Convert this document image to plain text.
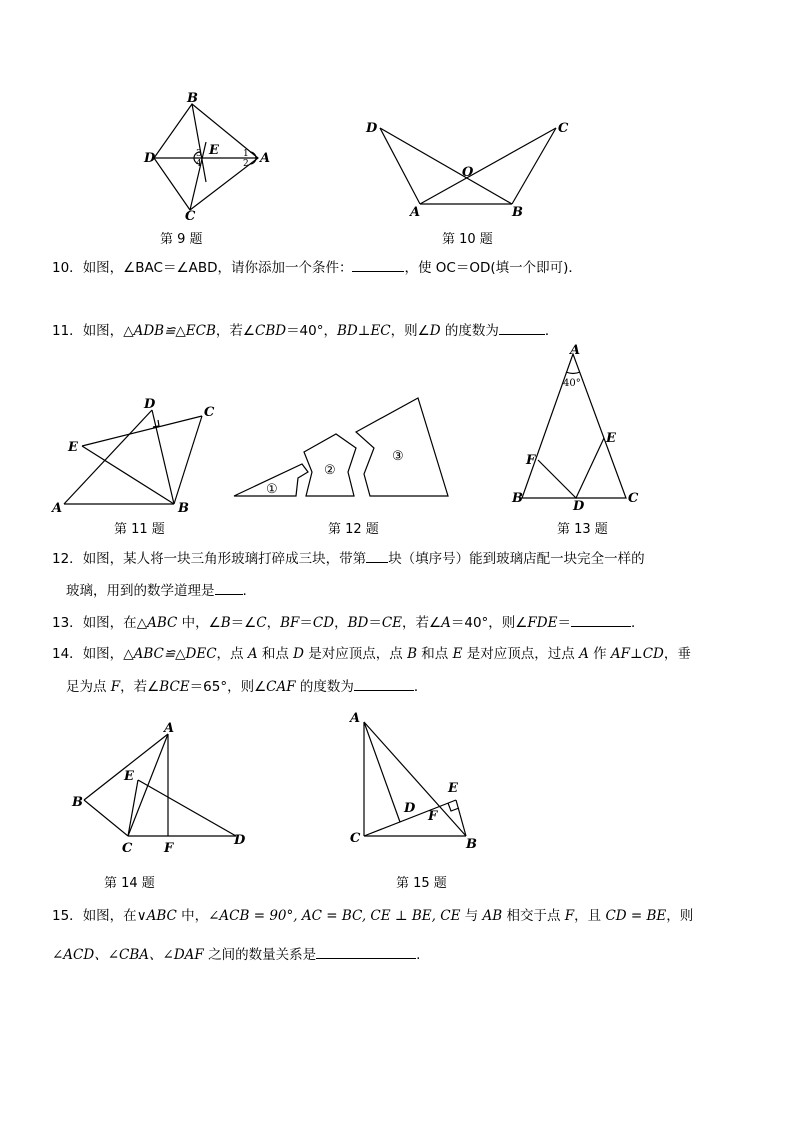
B
D
E
A
C
3
4
1
2
第 9 题
D	C
O
A	B
第 10 题
10．如图，∠BAC＝∠ABD，请你添加一个条件：	，使 OC＝OD(填一个即可)．
11．如图，△ADB≌△ECB，若∠CBD＝40°，BD⊥EC，则∠D 的度数为	．
D
C
E
A	B
第 11 题
①
②
③
第 12 题
A
40°
E
F
B
D
C
第 13 题
12．如图，某人将一块三角形玻璃打碎成三块，带第 块（填序号）能到玻璃店配一块完全一样的
玻璃，用到的数学道理是 .
13．如图，在△ABC 中，∠B＝∠C，BF＝CD，BD＝CE，若∠A＝40°，则∠FDE＝	．
14．如图，△ABC≌△DEC，点 A 和点 D 是对应顶点，点 B 和点 E 是对应顶点，过点 A 作 AF⊥CD，垂
足为点 F，若∠BCE＝65°，则∠CAF 的度数为	．
A
E
B
C F
D
第 14 题
A
E
D
F
C	B
第 15 题
15．如图，在∨ABC 中，∠ACB = 90°, AC = BC, CE ⊥ BE, CE 与 AB 相交于点 F，且 CD = BE，则
∠ACD、∠CBA、∠DAF 之间的数量关系是	.
